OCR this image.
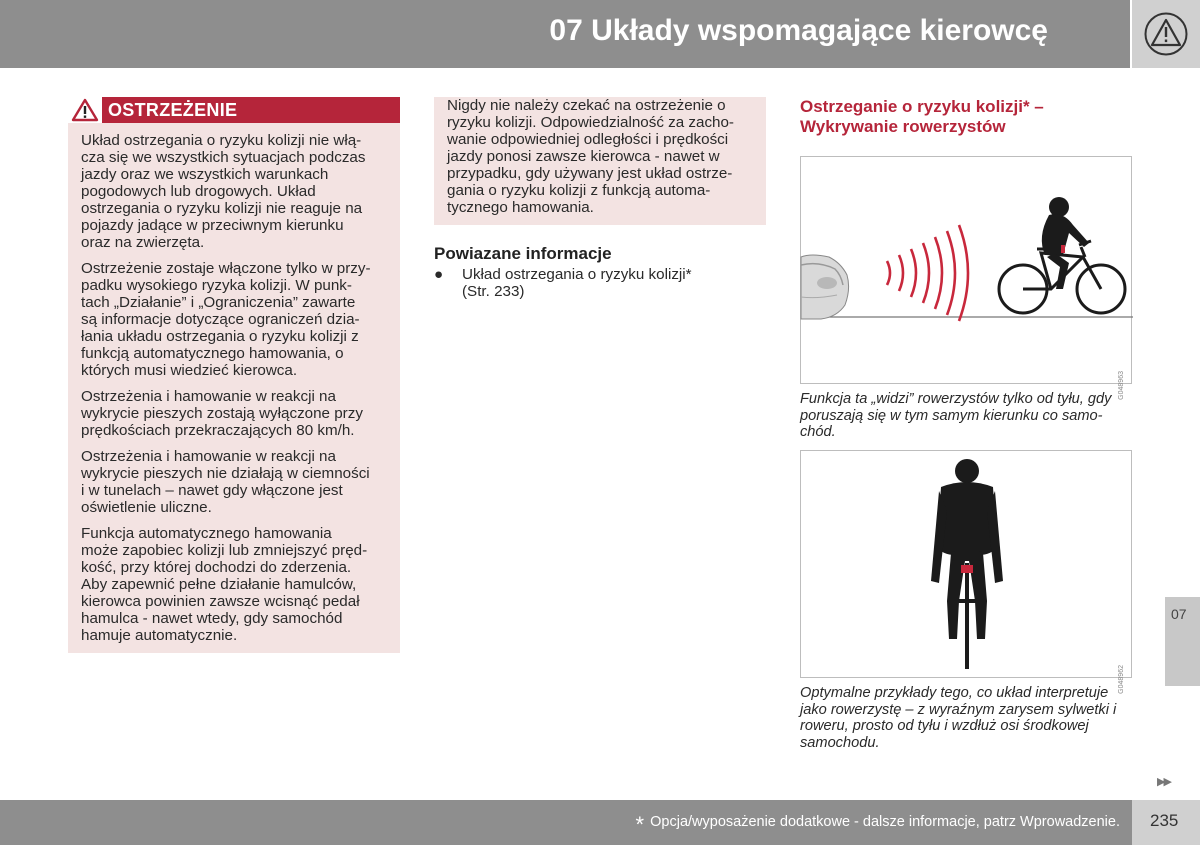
07 Układy wspomagające kierowcę
OSTRZEŻENIE

Układ ostrzegania o ryzyku kolizji nie włą-
cza się we wszystkich sytuacjach podczas
jazdy oraz we wszystkich warunkach
pogodowych lub drogowych. Układ
ostrzegania o ryzyku kolizji nie reaguje na
pojazdy jadące w przeciwnym kierunku
oraz na zwierzęta.

Ostrzeżenie zostaje włączone tylko w przy-
padku wysokiego ryzyka kolizji. W punk-
tach „Działanie” i „Ograniczenia” zawarte
są informacje dotyczące ograniczeń dzia-
łania układu ostrzegania o ryzyku kolizji z
funkcją automatycznego hamowania, o
których musi wiedzieć kierowca.

Ostrzeżenia i hamowanie w reakcji na
wykrycie pieszych zostają wyłączone przy
prędkościach przekraczających 80 km/h.

Ostrzeżenia i hamowanie w reakcji na
wykrycie pieszych nie działają w ciemności
i w tunelach – nawet gdy włączone jest
oświetlenie uliczne.

Funkcja automatycznego hamowania
może zapobiec kolizji lub zmniejszyć pręd-
kość, przy której dochodzi do zderzenia.
Aby zapewnić pełne działanie hamulców,
kierowca powinien zawsze wcisnąć pedał
hamulca - nawet wtedy, gdy samochód
hamuje automatycznie.

Nigdy nie należy czekać na ostrzeżenie o
ryzyku kolizji. Odpowiedzialność za zacho-
wanie odpowiedniej odległości i prędkości
jazdy ponosi zawsze kierowca - nawet w
przypadku, gdy używany jest układ ostrze-
gania o ryzyku kolizji z funkcją automa-
tycznego hamowania.
Powiazane informacje
● Układ ostrzegania o ryzyku kolizji*
(Str. 233)
Ostrzeganie o ryzyku kolizji* –
Wykrywanie rowerzystów
G048963
Funkcja ta „widzi” rowerzystów tylko od tyłu, gdy
poruszają się w tym samym kierunku co samo-
chód.
G048962
Optymalne przykłady tego, co układ interpretuje
jako rowerzystę – z wyraźnym zarysem sylwetki i
roweru, prosto od tyłu i wzdłuż osi środkowej
samochodu.
07
▶▶
* Opcja/wyposażenie dodatkowe - dalsze informacje, patrz Wprowadzenie. 235
